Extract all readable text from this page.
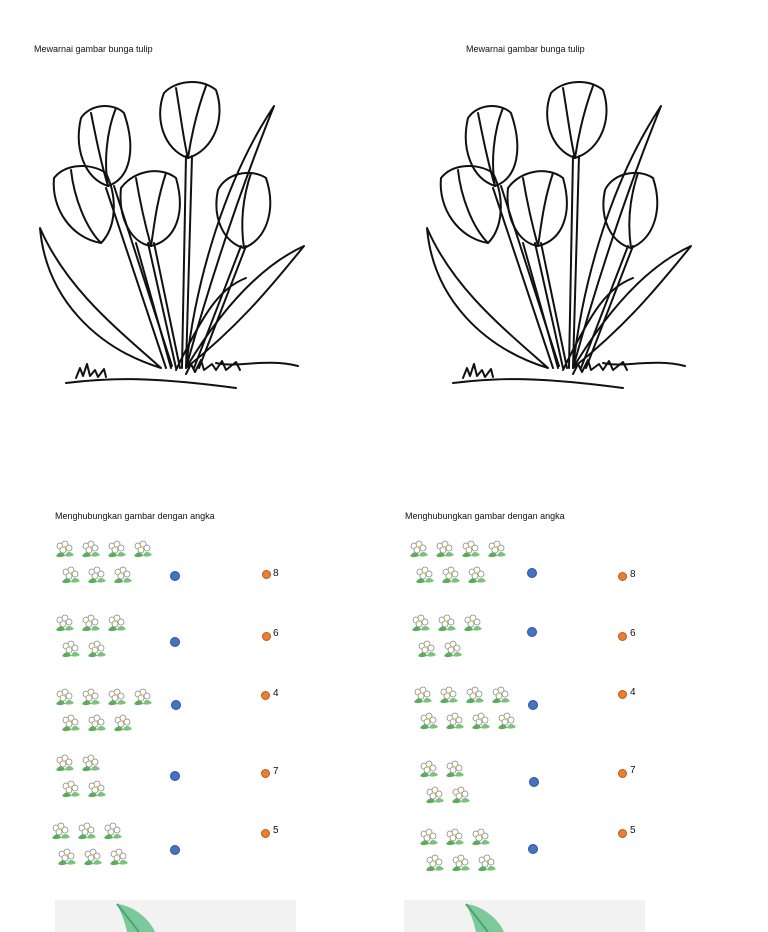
Mewarnai gambar bunga tulip	Mewarnai gambar bunga tulip
Menghubungkan gambar dengan angka	Menghubungkan gambar dengan angka
8
6
4
7
5
8
6
4
7
5
